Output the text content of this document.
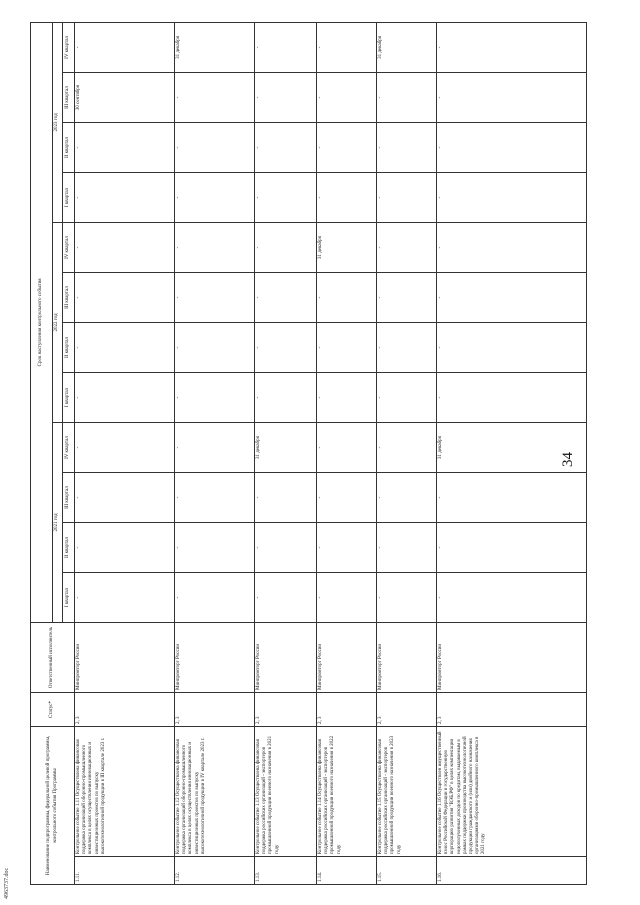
34
Наименование подпрограммы, федеральной целевой программы, контрольного события Программы		Статус*	Ответственный исполнитель	Срок наступления контрольного события											
				2021 год				2022 год				2023 год			
				I квартал	II квартал	III квартал	IV квартал	I квартал	II квартал	III квартал	IV квартал	I квартал	II квартал	III квартал	IV квартал
1.11.	Контрольное событие 1.11 Осуществлена финансовая поддержка организаций оборонно-промышленного комплекса в целях осуществления инновационных и инвестиционных проектов по выпуску высокотехнологичной продукции в III квартале 2023 г.	2, 3	Минпромторг России	-	-	-	-	-	-	-	-	-	-	30 сентября	-
1.12.	Контрольное событие 1.12 Осуществлена финансовая поддержка организаций оборонно-промышленного комплекса в целях осуществления инновационных и инвестиционных проектов по выпуску высокотехнологичной продукции в IV квартале 2023 г.	2, 3	Минпромторг России	-	-	-	-	-	-	-	-	-	-	-	31 декабря
1.13.	Контрольное событие 1.13 Осуществлена финансовая поддержка российских организаций - экспортеров промышленной продукции военного назначения в 2021 году	2, 3	Минпромторг России	-	-	-	31 декабря	-	-	-	-	-	-	-	-
1.14.	Контрольное событие 1.14 Осуществлена финансовая поддержка российских организаций - экспортеров промышленной продукции военного назначения в 2022 году	2, 3	Минпромторг России	-	-	-	-	-	-	-	31 декабря	-	-	-	-
1.15.	Контрольное событие 1.15 Осуществлена финансовая поддержка российских организаций - экспортеров промышленной продукции военного назначения в 2023 году	2, 3	Минпромторг России	-	-	-	-	-	-	-	-	-	-	-	31 декабря
1.16.	Контрольное событие 1.16 Осуществлен имущественный взнос Российской Федерации в государственную корпорацию развития "ВЭБ.РФ" в целях компенсации недополученных доходов по кредитам, выдаваемым в рамках поддержки производства высокотехнологичной продукции гражданского и (или) двойного назначения организациями оборонно-промышленного комплекса в 2021 году	2, 3	Минпромторг России	-	-	-	31 декабря	-	-	-	-	-	-	-	-
4963737.doc
